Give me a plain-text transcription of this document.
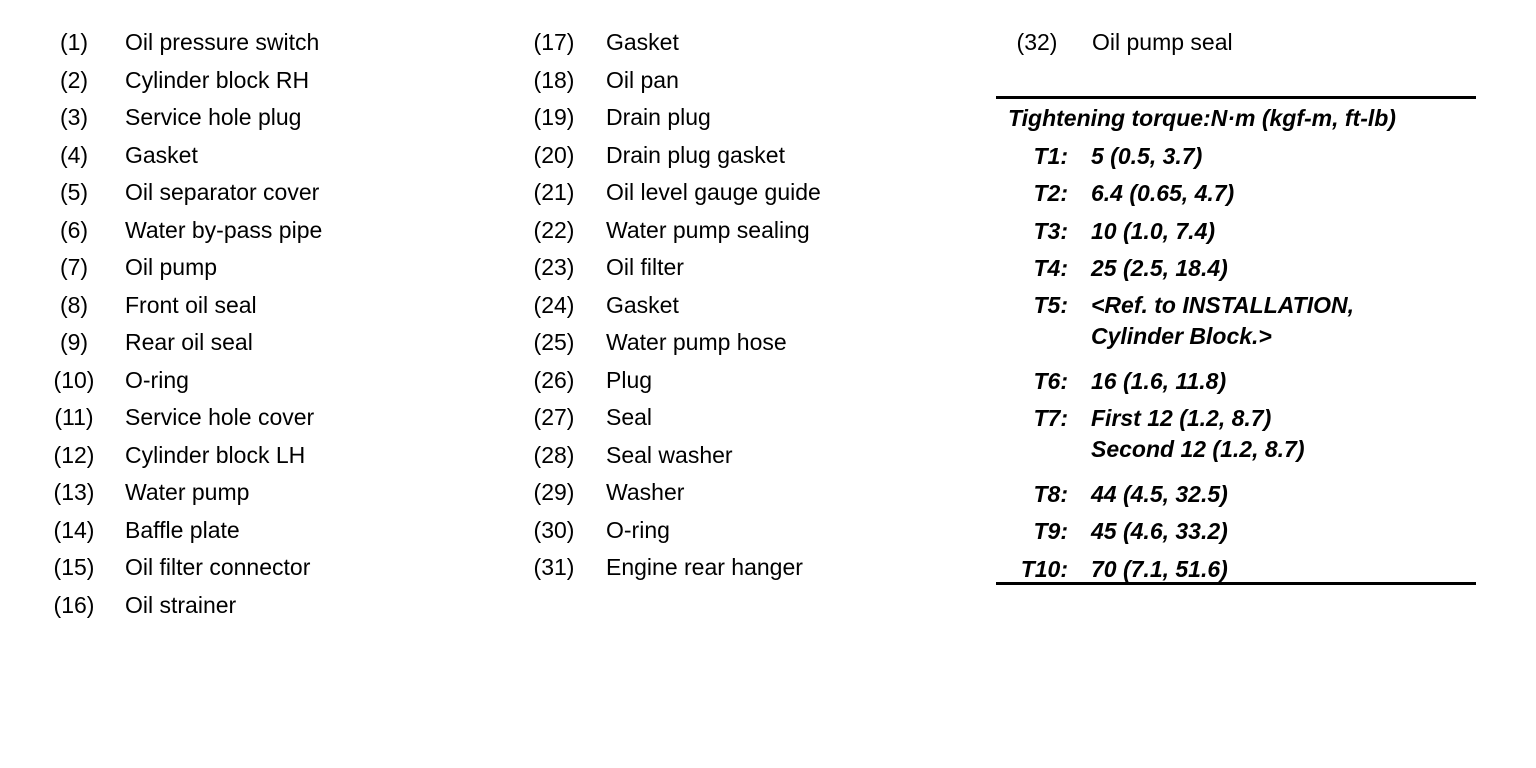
(1)	Oil pressure switch
(2)	Cylinder block RH
(3)	Service hole plug
(4)	Gasket
(5)	Oil separator cover
(6)	Water by-pass pipe
(7)	Oil pump
(8)	Front oil seal
(9)	Rear oil seal
(10) O-ring
(11) Service hole cover
(12) Cylinder block LH
(13) Water pump
(14) Baffle plate
(15) Oil filter connector
(16) Oil strainer
(17) Gasket
(18) Oil pan
(19) Drain plug
(20) Drain plug gasket
(21) Oil level gauge guide
(22) Water pump sealing
(23) Oil filter
(24) Gasket
(25) Water pump hose
(26) Plug
(27) Seal
(28) Seal washer
(29) Washer
(30) O-ring
(31) Engine rear hanger
(32) Oil pump seal
Tightening torque:N·m (kgf-m, ft-lb)
T1: 5 (0.5, 3.7)
T2: 6.4 (0.65, 4.7)
T3: 10 (1.0, 7.4)
T4: 25 (2.5, 18.4)
T5: <Ref. to INSTALLATION,
Cylinder Block.>
T6: 16 (1.6, 11.8)
T7: First 12 (1.2, 8.7)
Second 12 (1.2, 8.7)
T8: 44 (4.5, 32.5)
T9: 45 (4.6, 33.2)
T10: 70 (7.1, 51.6)
